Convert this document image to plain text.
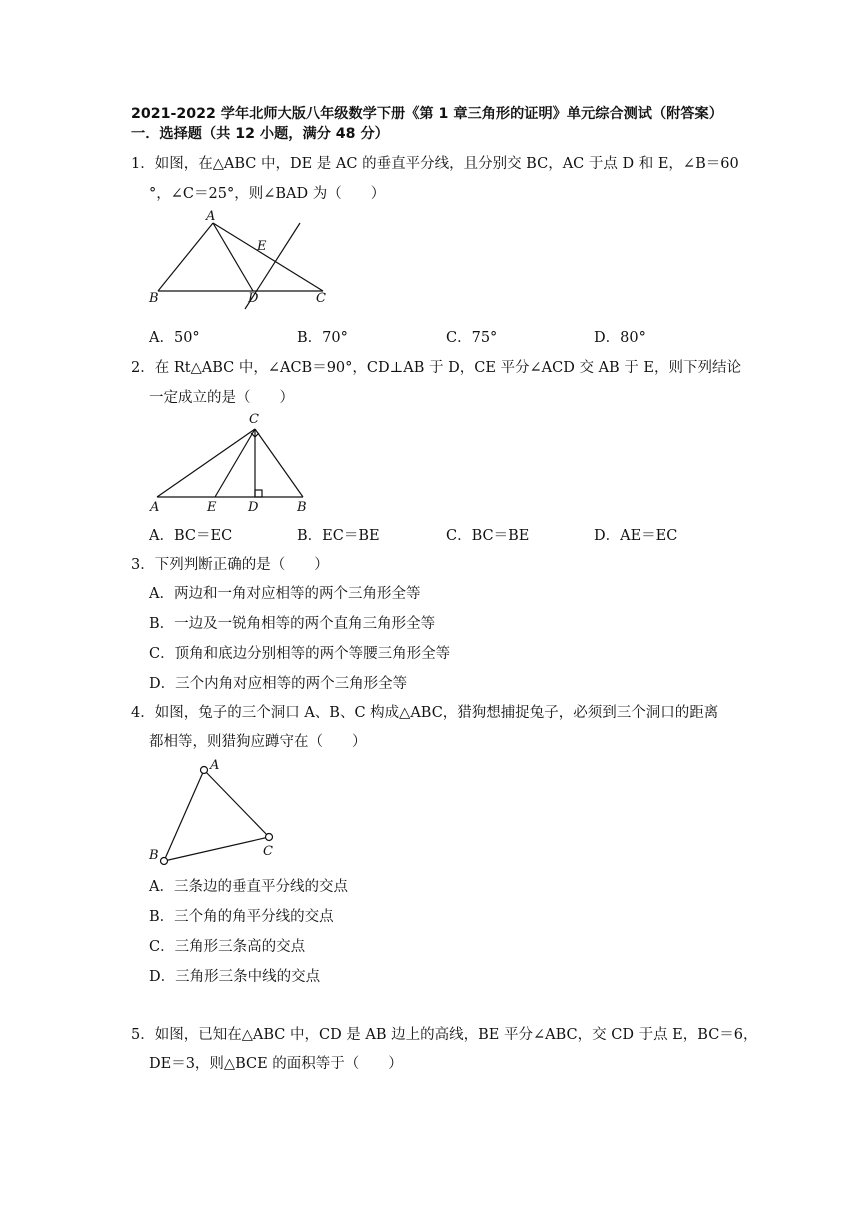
2021-2022 学年北师大版八年级数学下册《第 1 章三角形的证明》单元综合测试（附答案）
一．选择题（共 12 小题，满分 48 分）
1．如图，在△ABC 中，DE 是 AC 的垂直平分线，且分别交 BC，AC 于点 D 和 E，∠B＝60
°，∠C＝25°，则∠BAD 为（　　）
A
E
B	D	C
A．50°	B．70°	C．75°	D．80°
2．在 Rt△ABC 中，∠ACB＝90°，CD⊥AB 于 D，CE 平分∠ACD 交 AB 于 E，则下列结论
一定成立的是（　　）
C
A	E D	B
A．BC＝EC	B．EC＝BE	C．BC＝BE	D．AE＝EC
3．下列判断正确的是（　　）
A．两边和一角对应相等的两个三角形全等
B．一边及一锐角相等的两个直角三角形全等
C．顶角和底边分别相等的两个等腰三角形全等
D．三个内角对应相等的两个三角形全等
4．如图，兔子的三个洞口 A、B、C 构成△ABC，猎狗想捕捉兔子，必须到三个洞口的距离
都相等，则猎狗应蹲守在（　　）
A
C
B
A．三条边的垂直平分线的交点
B．三个角的角平分线的交点
C．三角形三条高的交点
D．三角形三条中线的交点
5．如图，已知在△ABC 中，CD 是 AB 边上的高线，BE 平分∠ABC，交 CD 于点 E，BC＝6，
DE＝3，则△BCE 的面积等于（　　）
